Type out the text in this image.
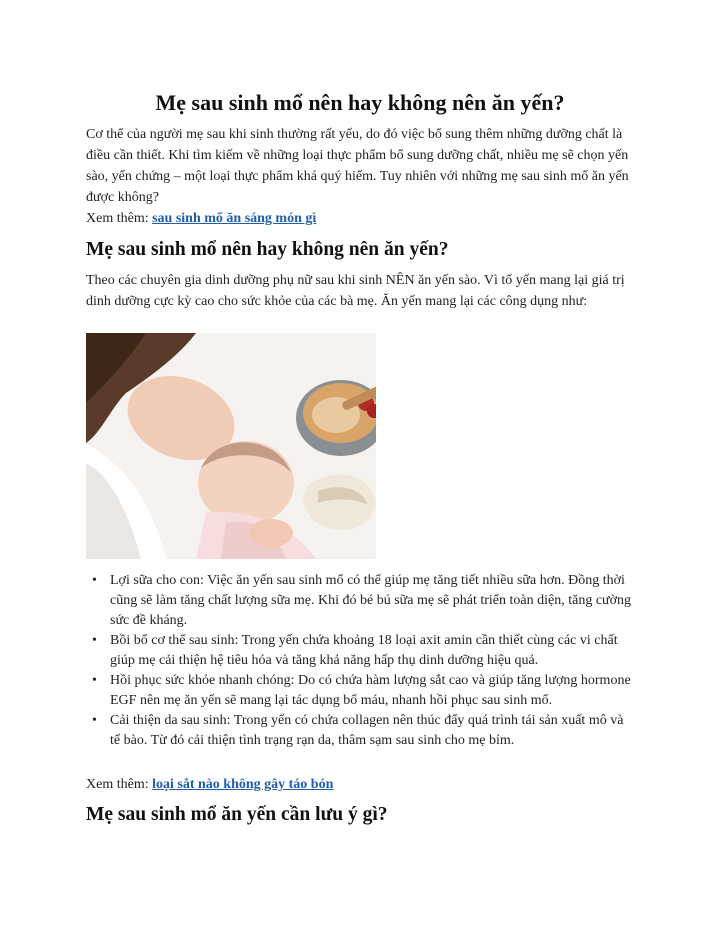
Mẹ sau sinh mổ nên hay không nên ăn yến?

Cơ thể của người mẹ sau khi sinh thường rất yếu, do đó việc bổ sung thêm những dưỡng chất là điều cần thiết. Khi tìm kiếm về những loại thực phẩm bổ sung dưỡng chất, nhiều mẹ sẽ chọn yến sào, yến chứng – một loại thực phẩm khá quý hiếm. Tuy nhiên với những mẹ sau sinh mổ ăn yến được không?

Xem thêm: sau sinh mổ ăn sáng món gì
Mẹ sau sinh mổ nên hay không nên ăn yến?

Theo các chuyên gia dinh dưỡng phụ nữ sau khi sinh NÊN ăn yến sào. Vì tổ yến mang lại giá trị dinh dưỡng cực kỳ cao cho sức khỏe của các bà mẹ. Ăn yến mang lại các công dụng như:

• Lợi sữa cho con: Việc ăn yến sau sinh mổ có thể giúp mẹ tăng tiết nhiều sữa hơn. Đồng thời cũng sẽ làm tăng chất lượng sữa mẹ. Khi đó bé bú sữa mẹ sẽ phát triển toàn diện, tăng cường sức đề kháng.
• Bồi bổ cơ thể sau sinh: Trong yến chứa khoảng 18 loại axit amin cần thiết cùng các vi chất giúp mẹ cải thiện hệ tiêu hóa và tăng khả năng hấp thụ dinh dưỡng hiệu quả.
• Hồi phục sức khỏe nhanh chóng: Do có chứa hàm lượng sắt cao và giúp tăng lượng hormone EGF nên mẹ ăn yến sẽ mang lại tác dụng bổ máu, nhanh hồi phục sau sinh mổ.
• Cải thiện da sau sinh: Trong yến có chứa collagen nên thúc đẩy quá trình tái sản xuất mô và tế bào. Từ đó cải thiện tình trạng rạn da, thâm sạm sau sinh cho mẹ bỉm.
Xem thêm: loại sắt nào không gây táo bón
Mẹ sau sinh mổ ăn yến cần lưu ý gì?
